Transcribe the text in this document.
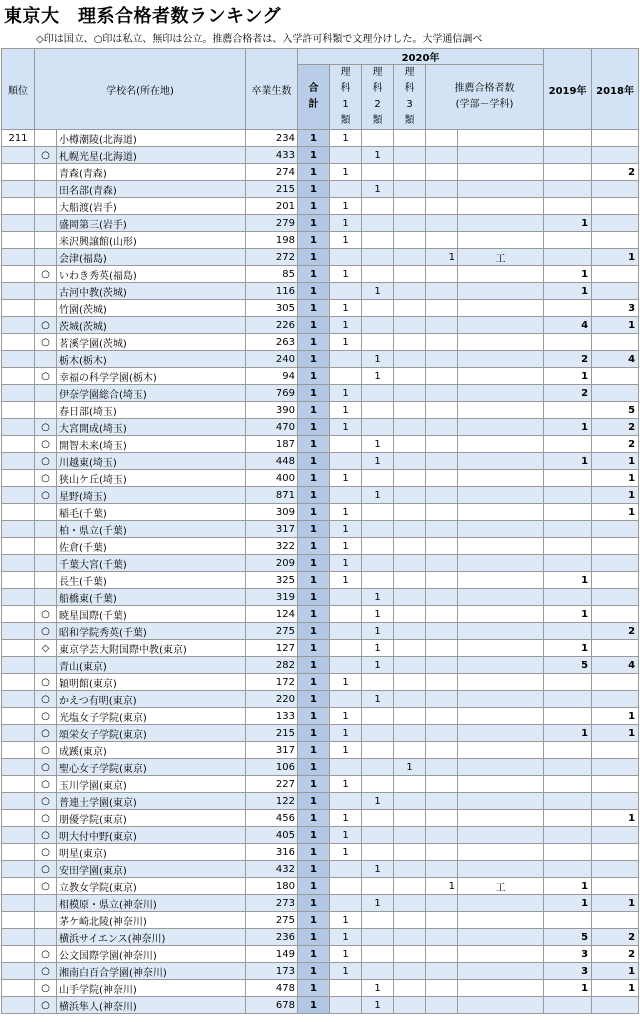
東京大　理系合格者数ランキング
◇印は国立、○印は私立、無印は公立。推薦合格者は、入学許可科類で文理分けした。大学通信調べ
順位	学校名(所在地)		卒業生数	2020年						2019年	2018年
				合計	理科1類	理科2類	理科3類	推薦合格者数
(学部－学科)			

211		小樽潮陵(北海道)	234	1	1						
	○	札幌光星(北海道)	433	1		1					
		青森(青森)	274	1	1						2
		田名部(青森)	215	1		1					
		大船渡(岩手)	201	1	1						
		盛岡第三(岩手)	279	1	1					1	
		米沢興譲館(山形)	198	1	1						
		会津(福島)	272	1				1	工		1
	○	いわき秀英(福島)	85	1	1					1	
		古河中教(茨城)	116	1		1				1	
		竹園(茨城)	305	1	1						3
	○	茨城(茨城)	226	1	1					4	1
	○	茗溪学園(茨城)	263	1	1						
		栃木(栃木)	240	1		1				2	4
	○	幸福の科学学園(栃木)	94	1		1				1	
		伊奈学園総合(埼玉)	769	1	1					2	
		春日部(埼玉)	390	1	1						5
	○	大宮開成(埼玉)	470	1	1					1	2
	○	開智未来(埼玉)	187	1		1					2
	○	川越東(埼玉)	448	1		1				1	1
	○	狭山ケ丘(埼玉)	400	1	1						1
	○	星野(埼玉)	871	1		1					1
		稲毛(千葉)	309	1	1						1
		柏・県立(千葉)	317	1	1						
		佐倉(千葉)	322	1	1						
		千葉大宮(千葉)	209	1	1						
		長生(千葉)	325	1	1					1	
		船橋東(千葉)	319	1		1					
	○	暁星国際(千葉)	124	1		1				1	
	○	昭和学院秀英(千葉)	275	1		1					2
	◇	東京学芸大附国際中教(東京)	127	1		1				1	
		青山(東京)	282	1		1				5	4
	○	穎明館(東京)	172	1	1						
	○	かえつ有明(東京)	220	1		1					
	○	光塩女子学院(東京)	133	1	1						1
	○	頌栄女子学院(東京)	215	1	1					1	1
	○	成蹊(東京)	317	1	1						
	○	聖心女子学院(東京)	106	1			1				
	○	玉川学園(東京)	227	1	1						
	○	普連土学園(東京)	122	1		1					
	○	朋優学院(東京)	456	1	1						1
	○	明大付中野(東京)	405	1	1						
	○	明星(東京)	316	1	1						
	○	安田学園(東京)	432	1		1					
	○	立教女学院(東京)	180	1				1	工	1	
		相模原・県立(神奈川)	273	1		1				1	1
		茅ケ崎北陵(神奈川)	275	1	1						
		横浜サイエンス(神奈川)	236	1	1					5	2
	○	公文国際学園(神奈川)	149	1	1					3	2
	○	湘南白百合学園(神奈川)	173	1	1					3	1
	○	山手学院(神奈川)	478	1		1				1	1
	○	横浜隼人(神奈川)	678	1		1					
